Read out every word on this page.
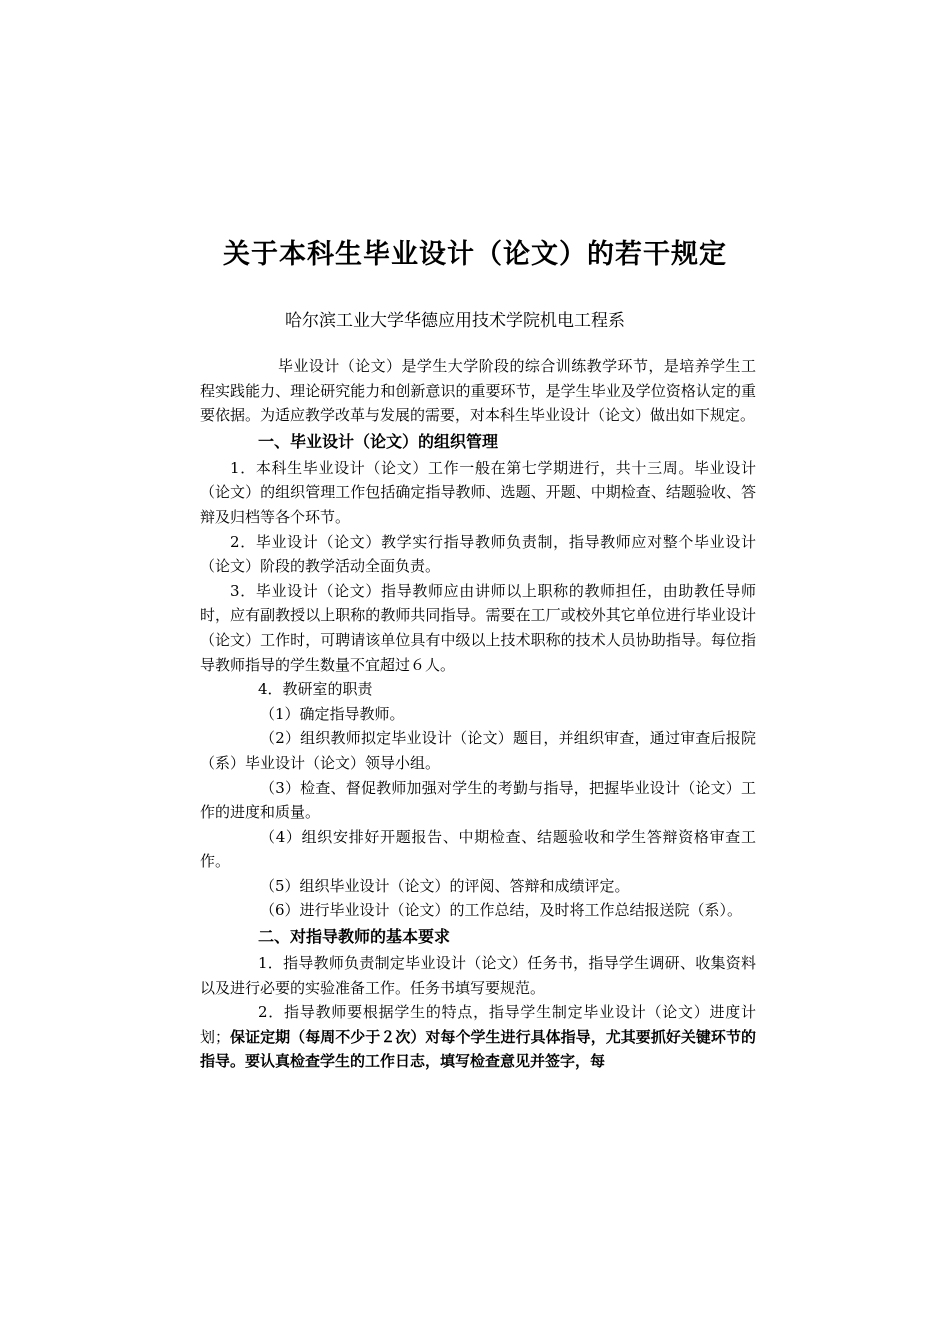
关于本科生毕业设计（论文）的若干规定
哈尔滨工业大学华德应用技术学院机电工程系

毕业设计（论文）是学生大学阶段的综合训练教学环节，是培养学生工程实践能力、理论研究能力和创新意识的重要环节，是学生毕业及学位资格认定的重要依据。为适应教学改革与发展的需要，对本科生毕业设计（论文）做出如下规定。

一、毕业设计（论文）的组织管理

1．本科生毕业设计（论文）工作一般在第七学期进行，共十三周。毕业设计（论文）的组织管理工作包括确定指导教师、选题、开题、中期检查、结题验收、答辩及归档等各个环节。

2．毕业设计（论文）教学实行指导教师负责制，指导教师应对整个毕业设计（论文）阶段的教学活动全面负责。

3．毕业设计（论文）指导教师应由讲师以上职称的教师担任，由助教任导师时，应有副教授以上职称的教师共同指导。需要在工厂或校外其它单位进行毕业设计（论文）工作时，可聘请该单位具有中级以上技术职称的技术人员协助指导。每位指导教师指导的学生数量不宜超过６人。

4．教研室的职责

（1）确定指导教师。

（2）组织教师拟定毕业设计（论文）题目，并组织审查，通过审查后报院（系）毕业设计（论文）领导小组。

（3）检查、督促教师加强对学生的考勤与指导，把握毕业设计（论文）工作的进度和质量。

（4）组织安排好开题报告、中期检查、结题验收和学生答辩资格审查工作。

（5）组织毕业设计（论文）的评阅、答辩和成绩评定。

（6）进行毕业设计（论文）的工作总结，及时将工作总结报送院（系）。

二、对指导教师的基本要求

1．指导教师负责制定毕业设计（论文）任务书，指导学生调研、收集资料以及进行必要的实验准备工作。任务书填写要规范。

2．指导教师要根据学生的特点，指导学生制定毕业设计（论文）进度计划；保证定期（每周不少于２次）对每个学生进行具体指导，尤其要抓好关键环节的指导。要认真检查学生的工作日志，填写检查意见并签字，每
